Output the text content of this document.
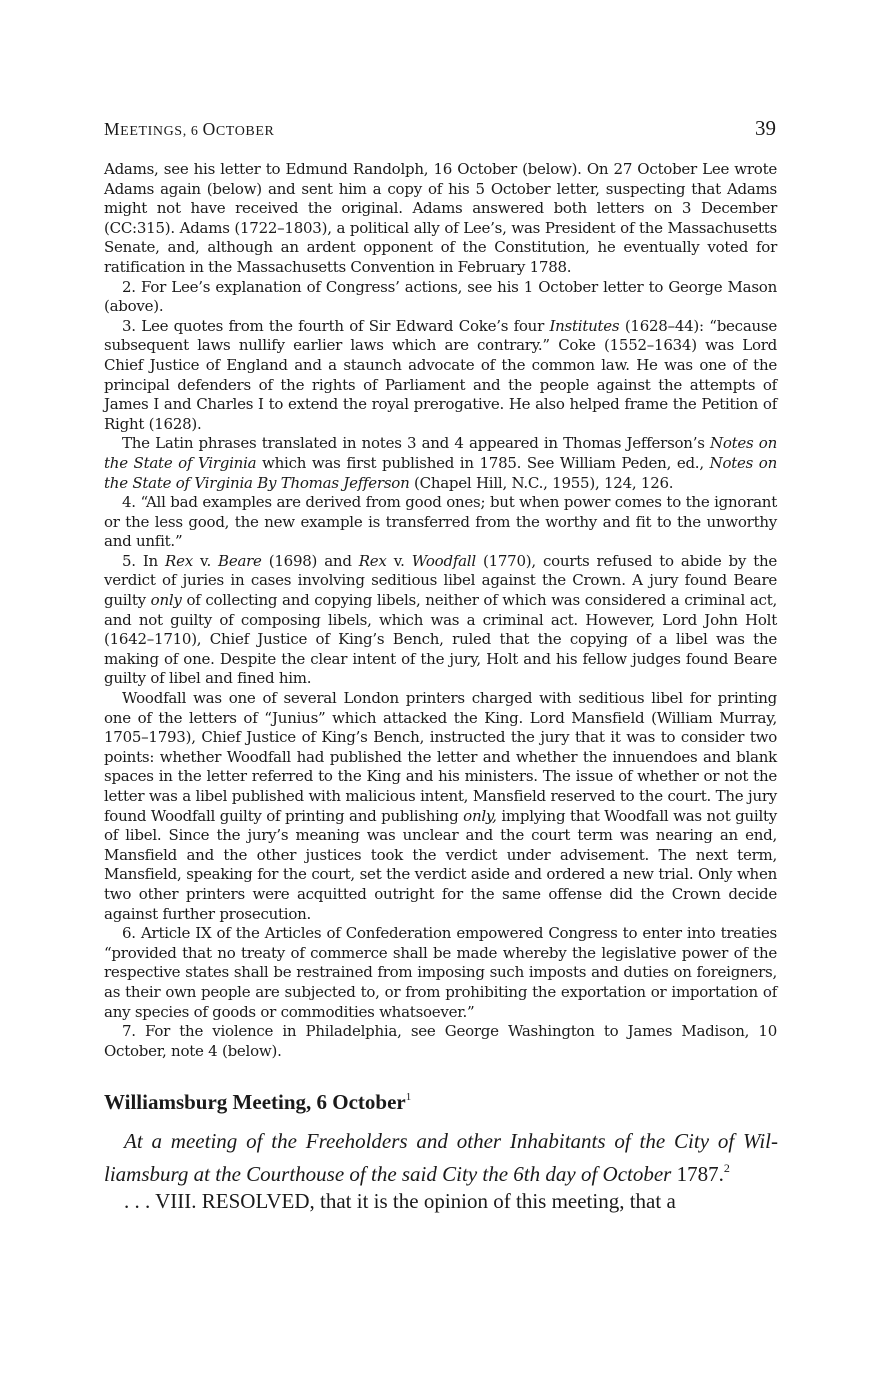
MEETINGS, 6 OCTOBER	39

Adams, see his letter to Edmund Randolph, 16 October (below). On 27 October Lee wrote Adams again (below) and sent him a copy of his 5 October letter, suspecting that Adams might not have received the original. Adams answered both letters on 3 December (CC:315). Adams (1722–1803), a political ally of Lee’s, was President of the Massachusetts Senate, and, although an ardent opponent of the Constitution, he eventually voted for ratification in the Massachusetts Convention in February 1788.

2. For Lee’s explanation of Congress’ actions, see his 1 October letter to George Mason (above).

3. Lee quotes from the fourth of Sir Edward Coke’s four Institutes (1628–44): “because subsequent laws nullify earlier laws which are contrary.” Coke (1552–1634) was Lord Chief Justice of England and a staunch advocate of the common law. He was one of the principal defenders of the rights of Parliament and the people against the attempts of James I and Charles I to extend the royal prerogative. He also helped frame the Petition of Right (1628).

The Latin phrases translated in notes 3 and 4 appeared in Thomas Jefferson’s Notes on the State of Virginia which was first published in 1785. See William Peden, ed., Notes on the State of Virginia By Thomas Jefferson (Chapel Hill, N.C., 1955), 124, 126.

4. “All bad examples are derived from good ones; but when power comes to the ignorant or the less good, the new example is transferred from the worthy and fit to the unworthy and unfit.”

5. In Rex v. Beare (1698) and Rex v. Woodfall (1770), courts refused to abide by the verdict of juries in cases involving seditious libel against the Crown. A jury found Beare guilty only of collecting and copying libels, neither of which was considered a criminal act, and not guilty of composing libels, which was a criminal act. However, Lord John Holt (1642–1710), Chief Justice of King’s Bench, ruled that the copying of a libel was the making of one. Despite the clear intent of the jury, Holt and his fellow judges found Beare guilty of libel and fined him.

Woodfall was one of several London printers charged with seditious libel for printing one of the letters of “Junius” which attacked the King. Lord Mansfield (William Murray, 1705–1793), Chief Justice of King’s Bench, instructed the jury that it was to consider two points: whether Woodfall had published the letter and whether the innuendoes and blank spaces in the letter referred to the King and his ministers. The issue of whether or not the letter was a libel published with malicious intent, Mansfield reserved to the court. The jury found Woodfall guilty of printing and publishing only, implying that Woodfall was not guilty of libel. Since the jury’s meaning was unclear and the court term was nearing an end, Mansfield and the other justices took the verdict under advisement. The next term, Mansfield, speaking for the court, set the verdict aside and ordered a new trial. Only when two other printers were acquitted outright for the same offense did the Crown decide against further prosecution.

6. Article IX of the Articles of Confederation empowered Congress to enter into treaties “provided that no treaty of commerce shall be made whereby the legislative power of the respective states shall be restrained from imposing such imposts and duties on foreigners, as their own people are subjected to, or from prohibiting the exportation or importation of any species of goods or commodities whatsoever.”

7. For the violence in Philadelphia, see George Washington to James Madison, 10 October, note 4 (below).

Williamsburg Meeting, 6 October$^1$

At a meeting of the Freeholders and other Inhabitants of the City of Williamsburg at the Courthouse of the said City the 6th day of October 1787.$^2$

. . . VIII. RESOLVED, that it is the opinion of this meeting, that a
